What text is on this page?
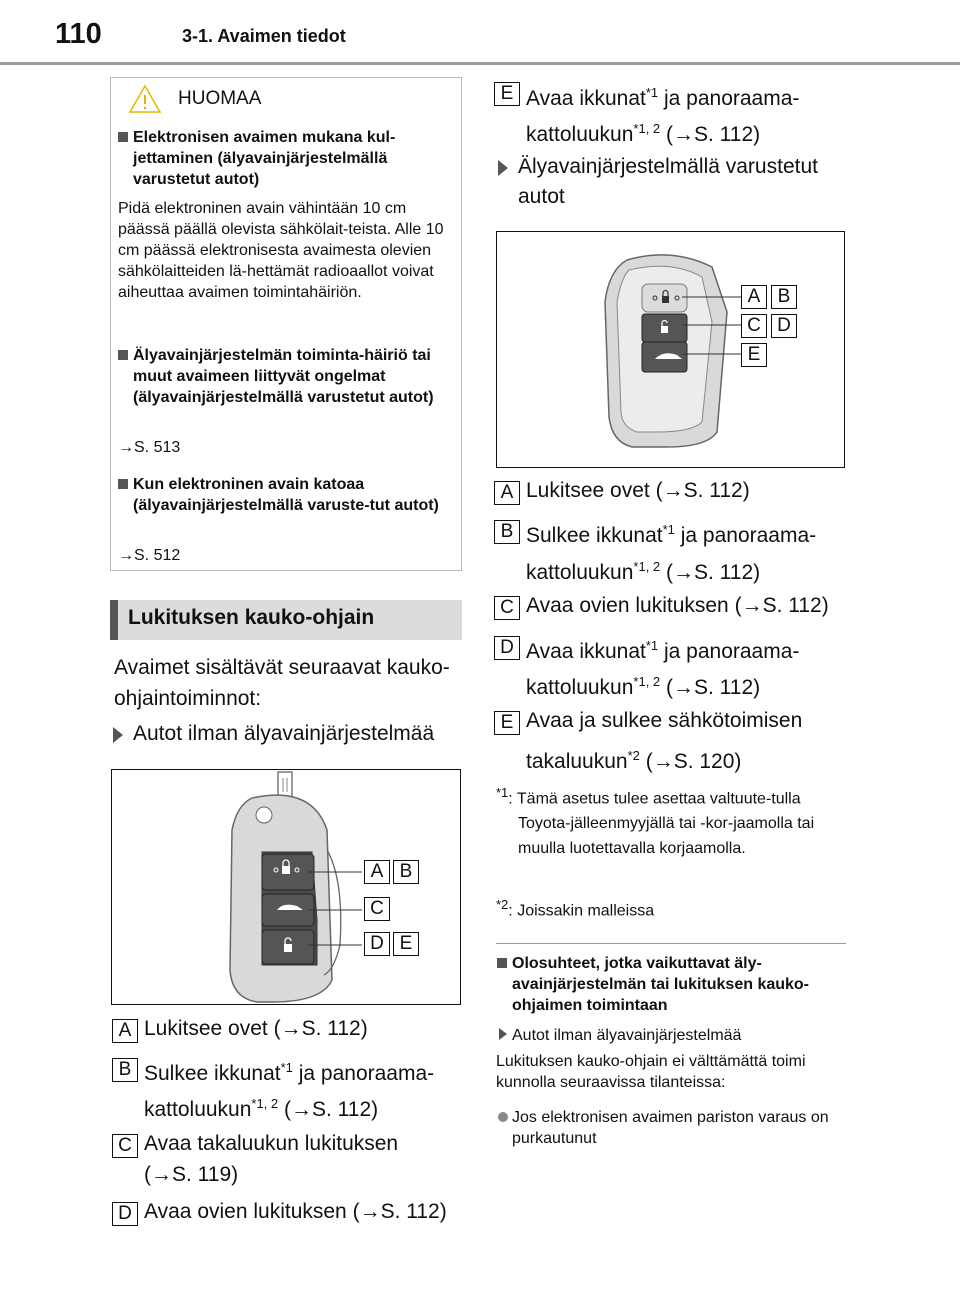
110	3-1. Avaimen tiedot
HUOMAA
Elektronisen avaimen mukana kul-jettaminen (älyavainjärjestelmällä varustetut autot)
Pidä elektroninen avain vähintään 10 cm päässä päällä olevista sähkölait-teista. Alle 10 cm päässä elektronisesta avaimesta olevien sähkölaitteiden lä-hettämät radioaallot voivat aiheuttaa avaimen toimintahäiriön.
Älyavainjärjestelmän toiminta-häiriö tai muut avaimeen liittyvät ongelmat (älyavainjärjestelmällä varustetut autot)
→S. 513
Kun elektroninen avain katoaa (älyavainjärjestelmällä varuste-tut autot)
→S. 512
Lukituksen kauko-ohjain
Avaimet sisältävät seuraavat kauko-ohjaintoiminnot:
Autot ilman älyavainjärjestelmää
A B
C
D E
A Lukitsee ovet (→S. 112)
B Sulkee ikkunat$^{*1}$ ja panoraama-
kattoluukun$^{*1, 2}$ (→S. 112)
C Avaa takaluukun lukituksen
(→S. 119)
D Avaa ovien lukituksen (→S. 112)
E Avaa ikkunat$^{*1}$ ja panoraama-
kattoluukun$^{*1, 2}$ (→S. 112)
Älyavainjärjestelmällä varustetut autot
A B
C D
E
A Lukitsee ovet (→S. 112)
B Sulkee ikkunat$^{*1}$ ja panoraama-
kattoluukun$^{*1, 2}$ (→S. 112)
C Avaa ovien lukituksen (→S. 112)
D Avaa ikkunat$^{*1}$ ja panoraama-
kattoluukun$^{*1, 2}$ (→S. 112)
E Avaa ja sulkee sähkötoimisen
takaluukun$^{*2}$ (→S. 120)
$^{*1}$: Tämä asetus tulee asettaa valtuute-tulla Toyota-jälleenmyyjällä tai -kor-jaamolla tai muulla luotettavalla korjaamolla.
$^{*2}$: Joissakin malleissa
Olosuhteet, jotka vaikuttavat äly-avainjärjestelmän tai lukituksen kauko-ohjaimen toimintaan
Autot ilman älyavainjärjestelmää
Lukituksen kauko-ohjain ei välttämättä toimi kunnolla seuraavissa tilanteissa:
Jos elektronisen avaimen pariston varaus on purkautunut
